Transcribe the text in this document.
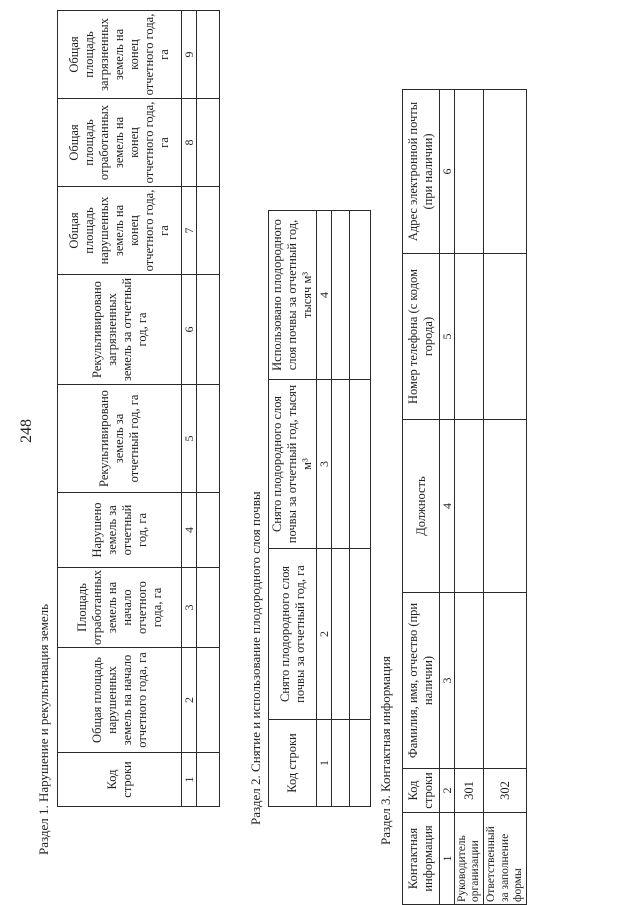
248
Раздел 1. Нарушение и рекультивация земель	Код строки	Общая площадь нарушенных земель на начало отчетного года, га	Площадь отработанных земель на начало отчетного года, га	Нарушено земель за отчетный год, га	Рекультивировано земель за отчетный год, га	Рекультивировано загрязненных земель за отчетный год, га	Общая площадь нарушенных земель на конец отчетного года, га	Общая площадь отработанных земель на конец отчетного года, га	Общая площадь загрязненных земель на конец отчетного года, га
1	2	3	4	5	6	7	8	9

Раздел 2. Снятие и использование плодородного слоя почвы Код строки	Снято плодородного слоя почвы за отчетный год, га	Снято плодородного слоя почвы за отчетный год, тысяч м³	Использовано плодородного слоя почвы за отчетный год, тысяч м³
1	2	3	4

Раздел 3. Контактная информация
Контактная информация	Код строки	Фамилия, имя, отчество (при наличии)	Должность	Номер телефона (с кодом города)	Адрес электронной почты (при наличии)
1	2	3	4	5	6
Руководитель организации	301				
Ответственный за заполнение формы	302				
